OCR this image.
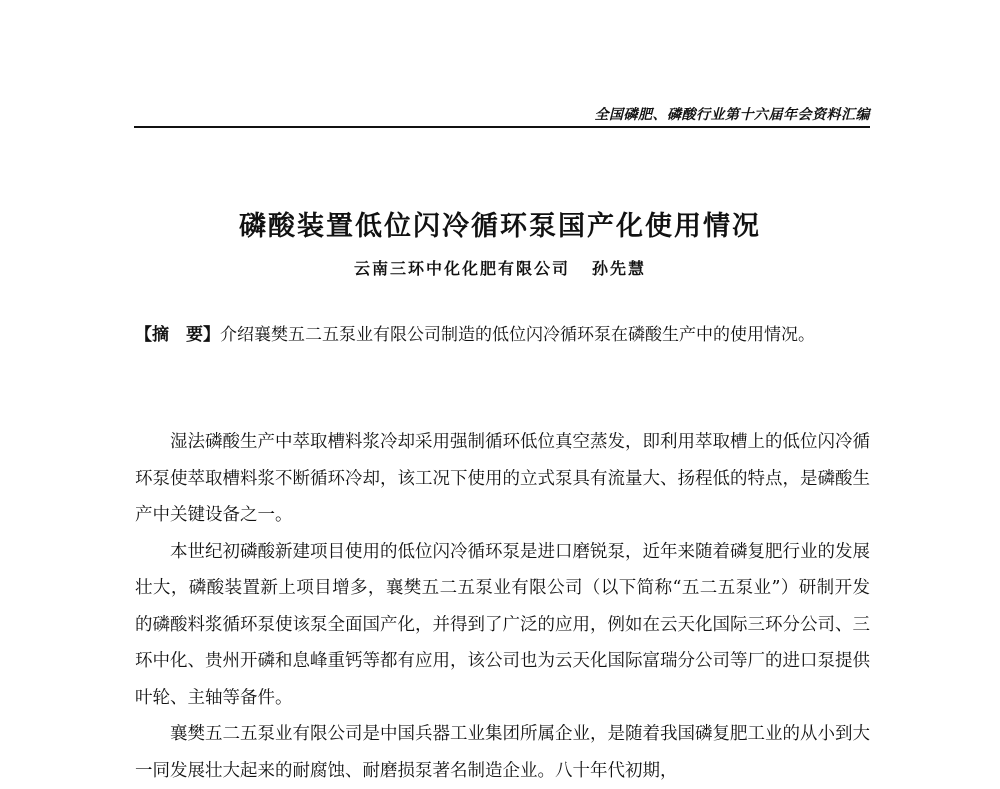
全国磷肥、磷酸行业第十六届年会资料汇编
磷酸装置低位闪冷循环泵国产化使用情况
云南三环中化化肥有限公司 孙先慧
【摘　要】介绍襄樊五二五泵业有限公司制造的低位闪冷循环泵在磷酸生产中的使用情况。

湿法磷酸生产中萃取槽料浆冷却采用强制循环低位真空蒸发，即利用萃取槽上的低位闪冷循环泵使萃取槽料浆不断循环冷却，该工况下使用的立式泵具有流量大、扬程低的特点，是磷酸生产中关键设备之一。

本世纪初磷酸新建项目使用的低位闪冷循环泵是进口磨锐泵，近年来随着磷复肥行业的发展壮大，磷酸装置新上项目增多，襄樊五二五泵业有限公司（以下简称“五二五泵业”）研制开发的磷酸料浆循环泵使该泵全面国产化，并得到了广泛的应用，例如在云天化国际三环分公司、三环中化、贵州开磷和息峰重钙等都有应用，该公司也为云天化国际富瑞分公司等厂的进口泵提供叶轮、主轴等备件。

襄樊五二五泵业有限公司是中国兵器工业集团所属企业，是随着我国磷复肥工业的从小到大一同发展壮大起来的耐腐蚀、耐磨损泵著名制造企业。八十年代初期，
